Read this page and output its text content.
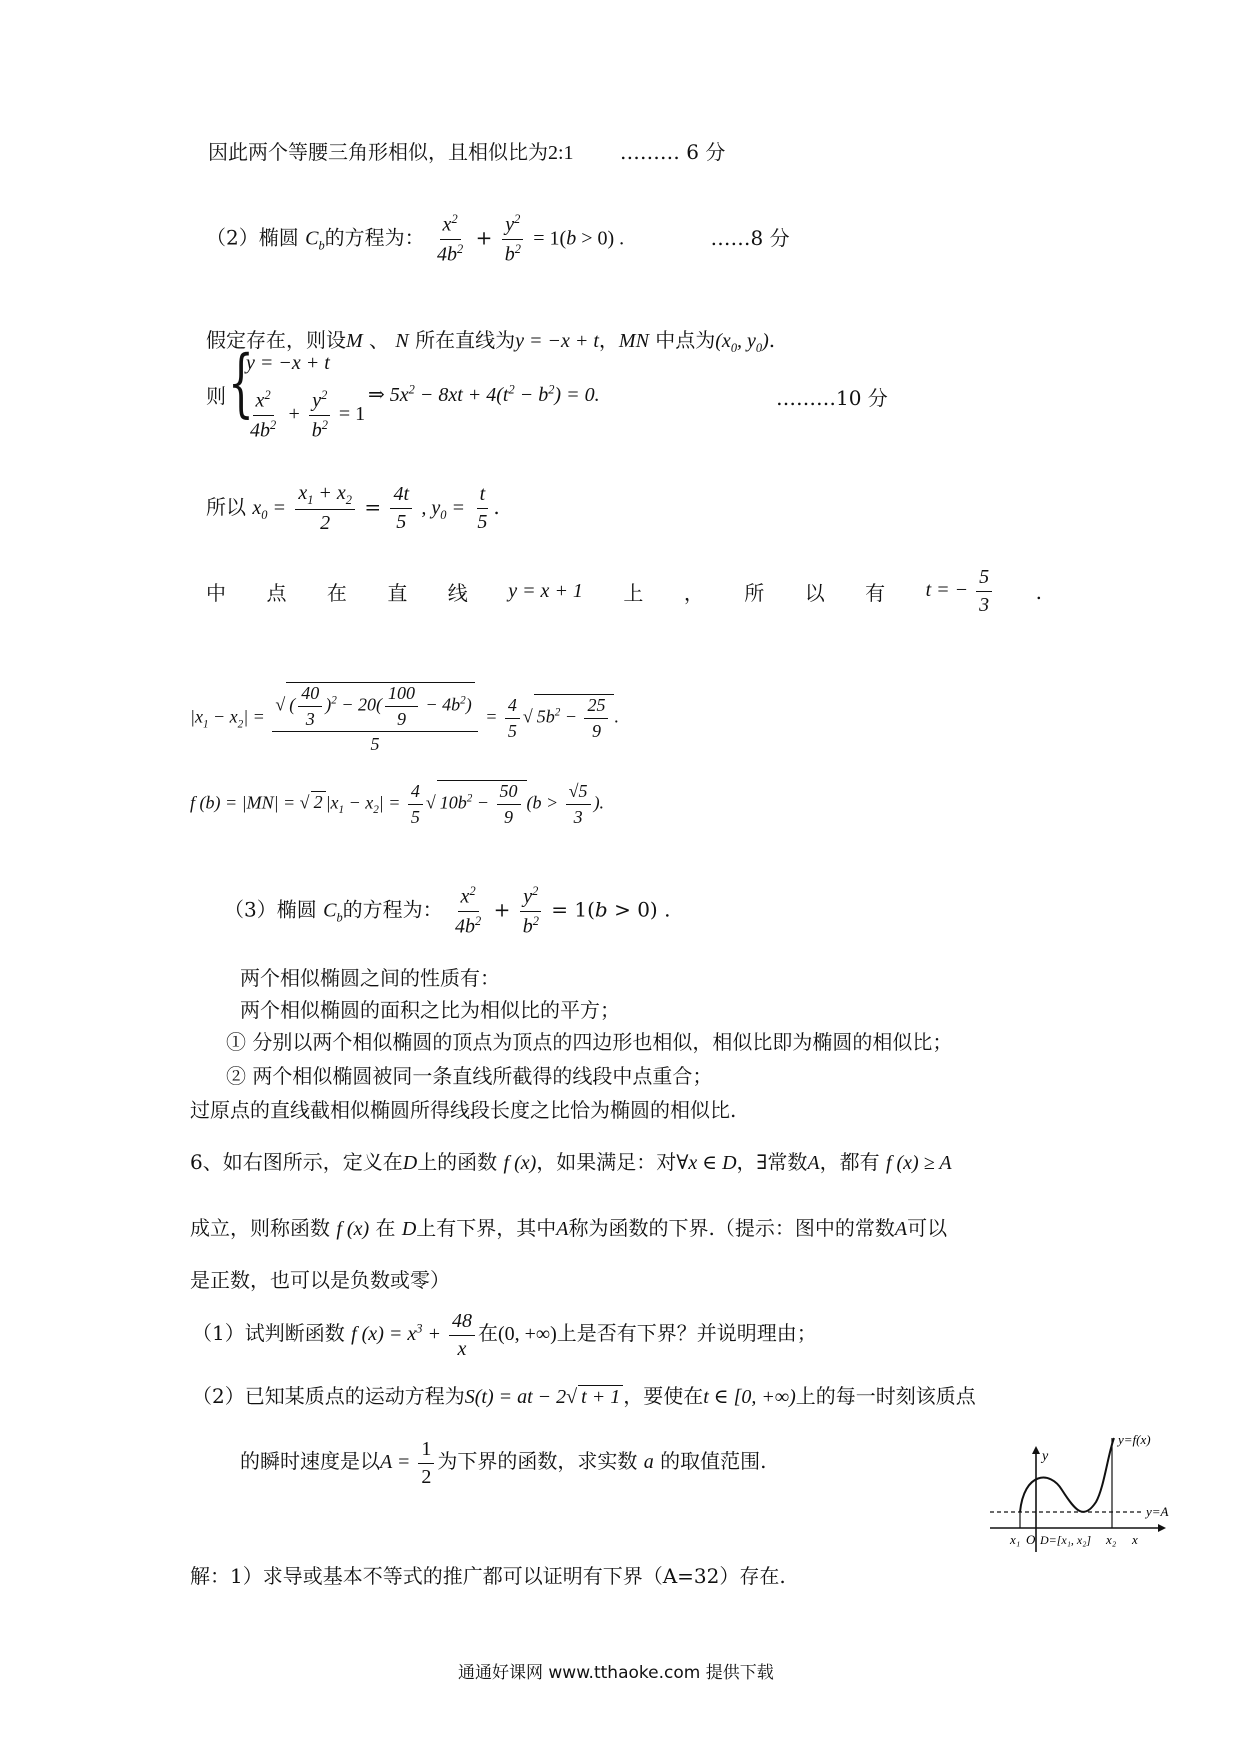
因此两个等腰三角形相似，且相似比为2:1 ……… 6 分
（2）椭圆 $C_b$的方程为： $\frac{x^2}{4b^2} + \frac{y^2}{b^2} = 1(b > 0)$ .	……8 分
假定存在，则设M 、 N 所在直线为y = −x + t，MN 中点为($x_0$, $y_0$).
则 {
y = −x + t
$\frac{x^2}{4b^2} + \frac{y^2}{b^2} = 1$
⇒ $5x^2 - 8xt + 4(t^2 - b^2) = 0$.	………10 分
所以 $x_0 = \frac{x_1 + x_2}{2} = \frac{4t}{5}$ , $y_0 = \frac{t}{5}$ .
中 点 在 直 线 y = x + 1 上 ， 所 以 有 t = − $\frac{5}{3}$ .
$|x_1 - x_2| = \frac{√ ( \frac{40}{3} )^2 - 20( \frac{100}{9} - 4b^2)}{5} = \frac{4}{5}$ √ $5b^2 - \frac{25}{9}$ .
f (b) = |MN| = √ 2 $|x_1 - x_2| = \frac{4}{5}$ √ $10b^2 - \frac{50}{9} (b > \frac{√5}{3}$ ).
（3）椭圆 $C_b$的方程为： $\frac{x^2}{4b^2} + \frac{y^2}{b^2} = 1(b > 0)$ .
两个相似椭圆之间的性质有：
两个相似椭圆的面积之比为相似比的平方；
① 分别以两个相似椭圆的顶点为顶点的四边形也相似，相似比即为椭圆的相似比；
② 两个相似椭圆被同一条直线所截得的线段中点重合；
过原点的直线截相似椭圆所得线段长度之比恰为椭圆的相似比.
6、如右图所示，定义在D上的函数 f (x)，如果满足：对∀x ∈ D，∃常数A，都有 f (x) ≥ A
成立，则称函数 f (x) 在 D上有下界，其中A称为函数的下界.（提示：图中的常数A可以
是正数，也可以是负数或零）
（1）试判断函数 f $(x) = x^3 + \frac{48}{x}$ 在(0, +∞)上是否有下界？并说明理由；
（2）已知某质点的运动方程为S(t) = at − 2√ t + 1 ，要使在t ∈ [0, +∞)上的每一时刻该质点
的瞬时速度是以$A = \frac{1}{2}$ 为下界的函数，求实数 a 的取值范围.
解：1）求导或基本不等式的推广都可以证明有下界（A=32）存在.
y=f(x)
y
y=A
x₁ O D=[x₁, x₂] x₂ x
通通好课网 www.tthaoke.com 提供下载
